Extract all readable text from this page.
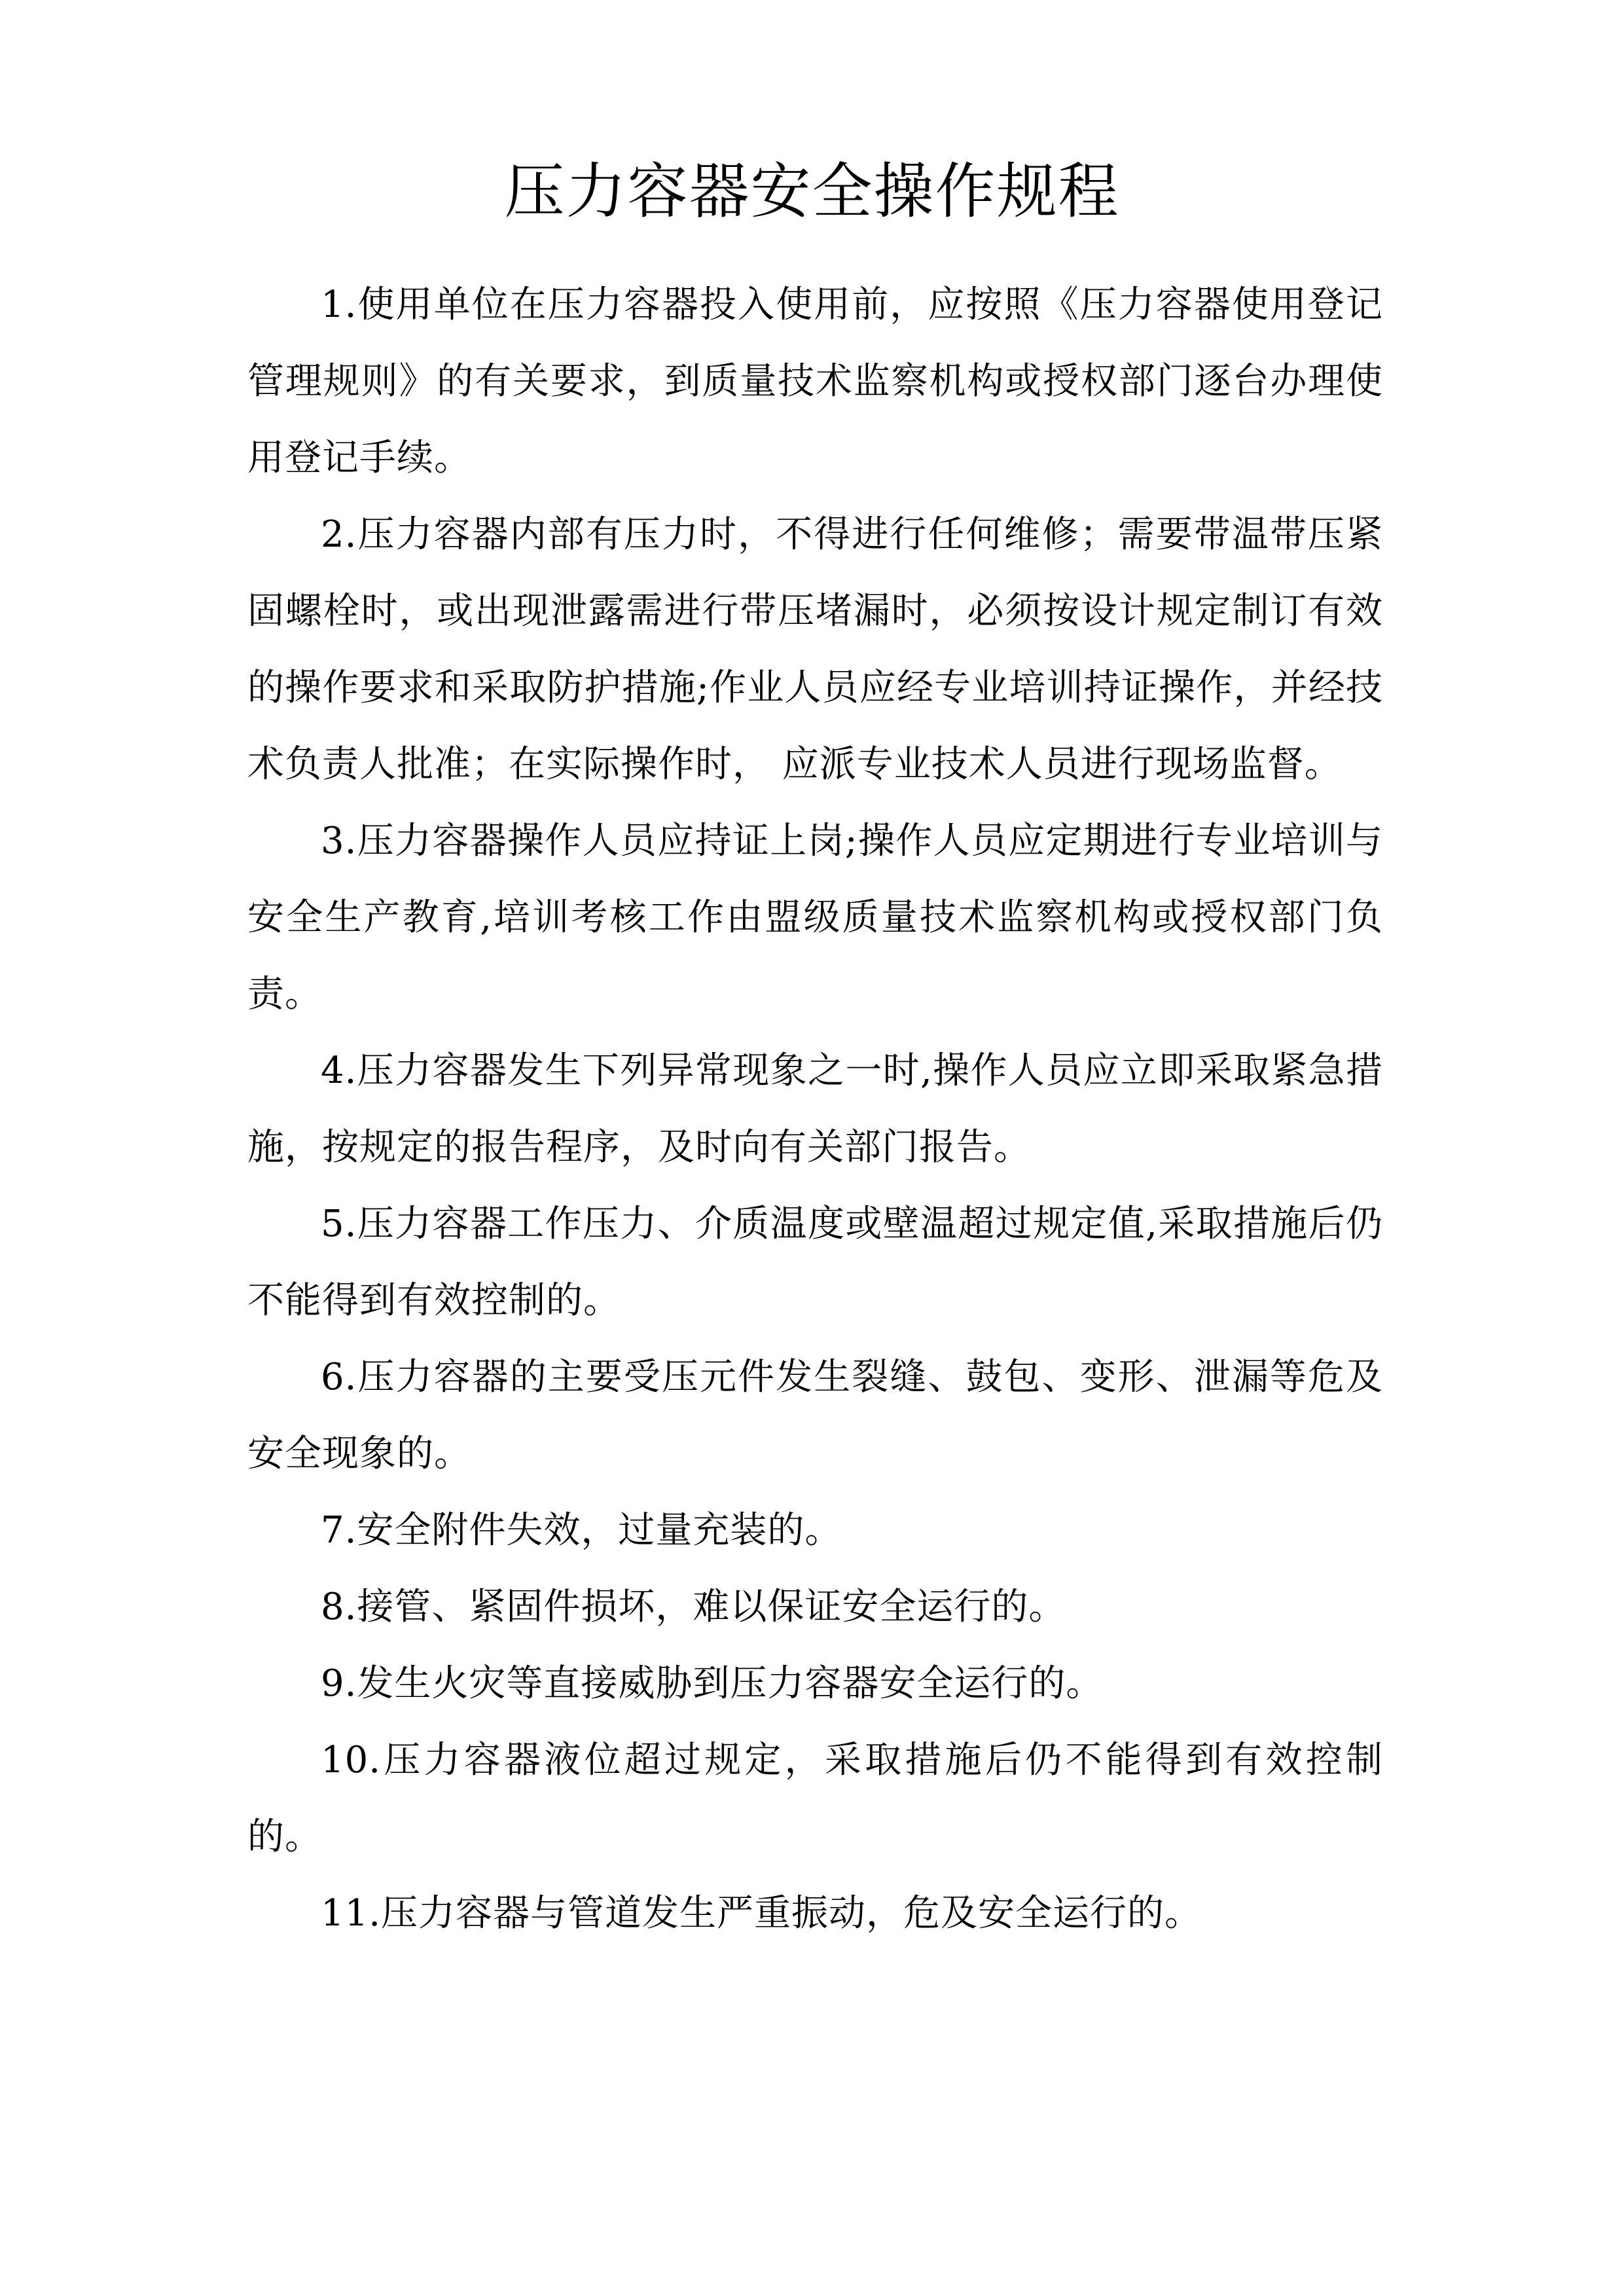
压力容器安全操作规程

1.使用单位在压力容器投入使用前，应按照《压力容器使用登记管理规则》的有关要求，到质量技术监察机构或授权部门逐台办理使用登记手续。

2.压力容器内部有压力时，不得进行任何维修；需要带温带压紧固螺栓时，或出现泄露需进行带压堵漏时，必须按设计规定制订有效的操作要求和采取防护措施;作业人员应经专业培训持证操作，并经技术负责人批准；在实际操作时， 应派专业技术人员进行现场监督。

3.压力容器操作人员应持证上岗;操作人员应定期进行专业培训与安全生产教育,培训考核工作由盟级质量技术监察机构或授权部门负责。

4.压力容器发生下列异常现象之一时,操作人员应立即采取紧急措施，按规定的报告程序，及时向有关部门报告。

5.压力容器工作压力、介质温度或壁温超过规定值,采取措施后仍不能得到有效控制的。

6.压力容器的主要受压元件发生裂缝、鼓包、变形、泄漏等危及安全现象的。

7.安全附件失效，过量充装的。

8.接管、紧固件损坏，难以保证安全运行的。

9.发生火灾等直接威胁到压力容器安全运行的。

10.压力容器液位超过规定，采取措施后仍不能得到有效控制的。

11.压力容器与管道发生严重振动，危及安全运行的。
